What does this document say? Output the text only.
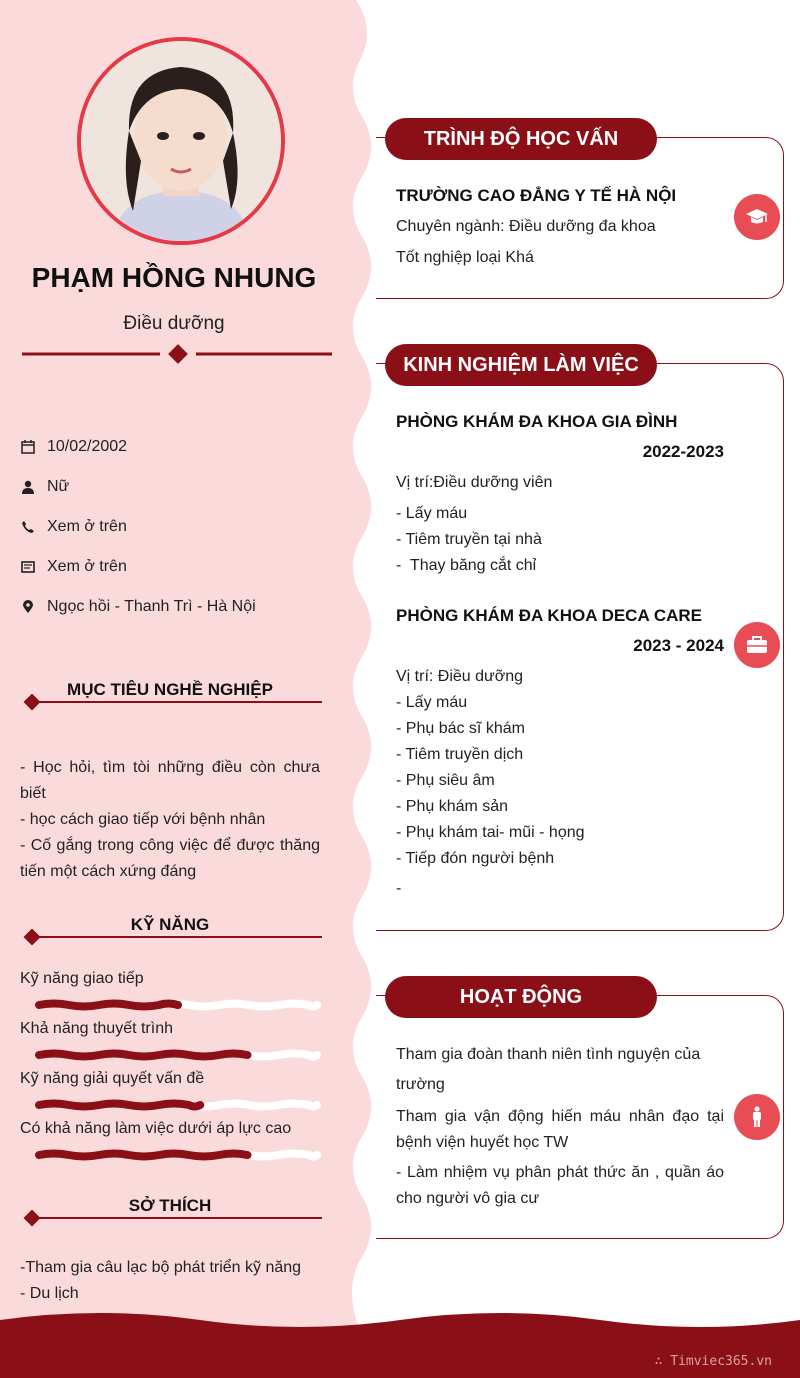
∴ Timviec365.vn
PHẠM HỒNG NHUNG
Điều dưỡng
10/02/2002
Nữ
Xem ở trên
Xem ở trên
Ngọc hồi - Thanh Trì - Hà Nội
MỤC TIÊU NGHỀ NGHIỆP
- Học hỏi, tìm tòi những điều còn chưa biết
- học cách giao tiếp với bệnh nhân
- Cố gắng trong công việc để được thăng tiến một cách xứng đáng
KỸ NĂNG
Kỹ năng giao tiếp
Khả năng thuyết trình
Kỹ năng giải quyết vấn đề
Có khả năng làm việc dưới áp lực cao
SỞ THÍCH
-Tham gia câu lạc bộ phát triển kỹ năng
- Du lịch
TRÌNH ĐỘ HỌC VẤN
TRƯỜNG CAO ĐẲNG Y TẾ HÀ NỘI
Chuyên ngành: Điều dưỡng đa khoa
Tốt nghiệp loại Khá
KINH NGHIỆM LÀM VIỆC
PHÒNG KHÁM ĐA KHOA GIA ĐÌNH
2022-2023
Vị trí:Điều dưỡng viên
- Lấy máu
- Tiêm truyền tại nhà
-  Thay băng cắt chỉ
PHÒNG KHÁM ĐA KHOA DECA CARE
2023 - 2024
Vị trí: Điều dưỡng
- Lấy máu
- Phụ bác sĩ khám
- Tiêm truyền dịch
- Phụ siêu âm
- Phụ khám sản
- Phụ khám tai- mũi - họng
- Tiếp đón người bệnh
-
HOẠT ĐỘNG
Tham gia đoàn thanh niên tình nguyện của trường
Tham gia vận động hiến máu nhân đạo tại bệnh viện huyết học TW
- Làm nhiệm vụ phân phát thức ăn , quần áo cho người vô gia cư
